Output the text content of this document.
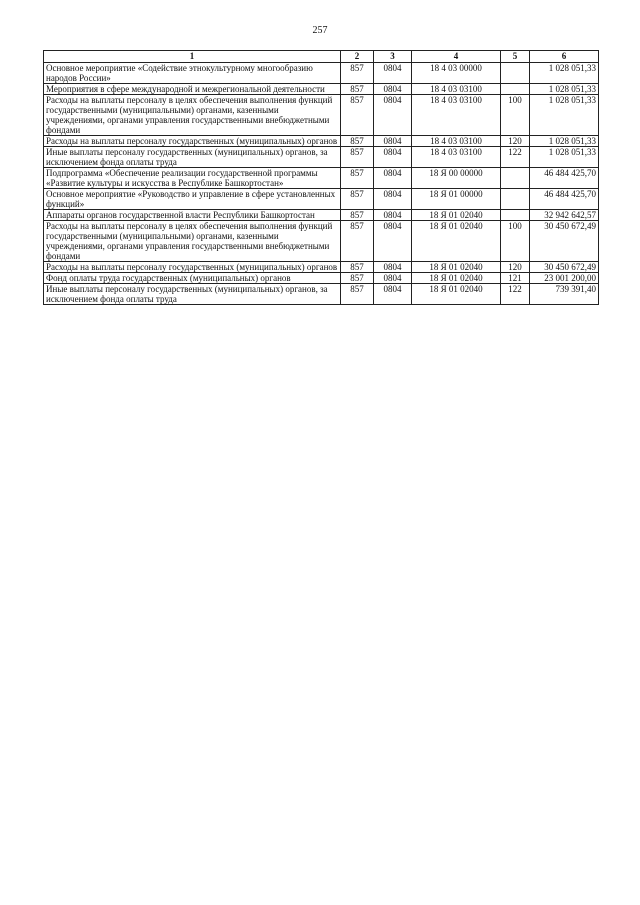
257
1	2	3	4	5	6
Основное мероприятие «Содействие этнокультурному многообразию народов России»	857	0804	18 4 03 00000		1 028 051,33
Мероприятия в сфере международной и межрегиональной деятельности	857	0804	18 4 03 03100		1 028 051,33
Расходы на выплаты персоналу в целях обеспечения выполнения функций государственными (муниципальными) органами, казенными учреждениями, органами управления государственными внебюджетными фондами	857	0804	18 4 03 03100	100	1 028 051,33
Расходы на выплаты персоналу государственных (муниципальных) органов	857	0804	18 4 03 03100	120	1 028 051,33
Иные выплаты персоналу государственных (муниципальных) органов, за исключением фонда оплаты труда	857	0804	18 4 03 03100	122	1 028 051,33
Подпрограмма «Обеспечение реализации государственной программы «Развитие культуры и искусства в Республике Башкортостан»	857	0804	18 Я 00 00000		46 484 425,70
Основное мероприятие «Руководство и управление в сфере установленных функций»	857	0804	18 Я 01 00000		46 484 425,70
Аппараты органов государственной власти Республики Башкортостан	857	0804	18 Я 01 02040		32 942 642,57
Расходы на выплаты персоналу в целях обеспечения выполнения функций государственными (муниципальными) органами, казенными учреждениями, органами управления государственными внебюджетными фондами	857	0804	18 Я 01 02040	100	30 450 672,49
Расходы на выплаты персоналу государственных (муниципальных) органов	857	0804	18 Я 01 02040	120	30 450 672,49
Фонд оплаты труда государственных (муниципальных) органов	857	0804	18 Я 01 02040	121	23 001 200,00
Иные выплаты персоналу государственных (муниципальных) органов, за исключением фонда оплаты труда	857	0804	18 Я 01 02040	122	739 391,40
